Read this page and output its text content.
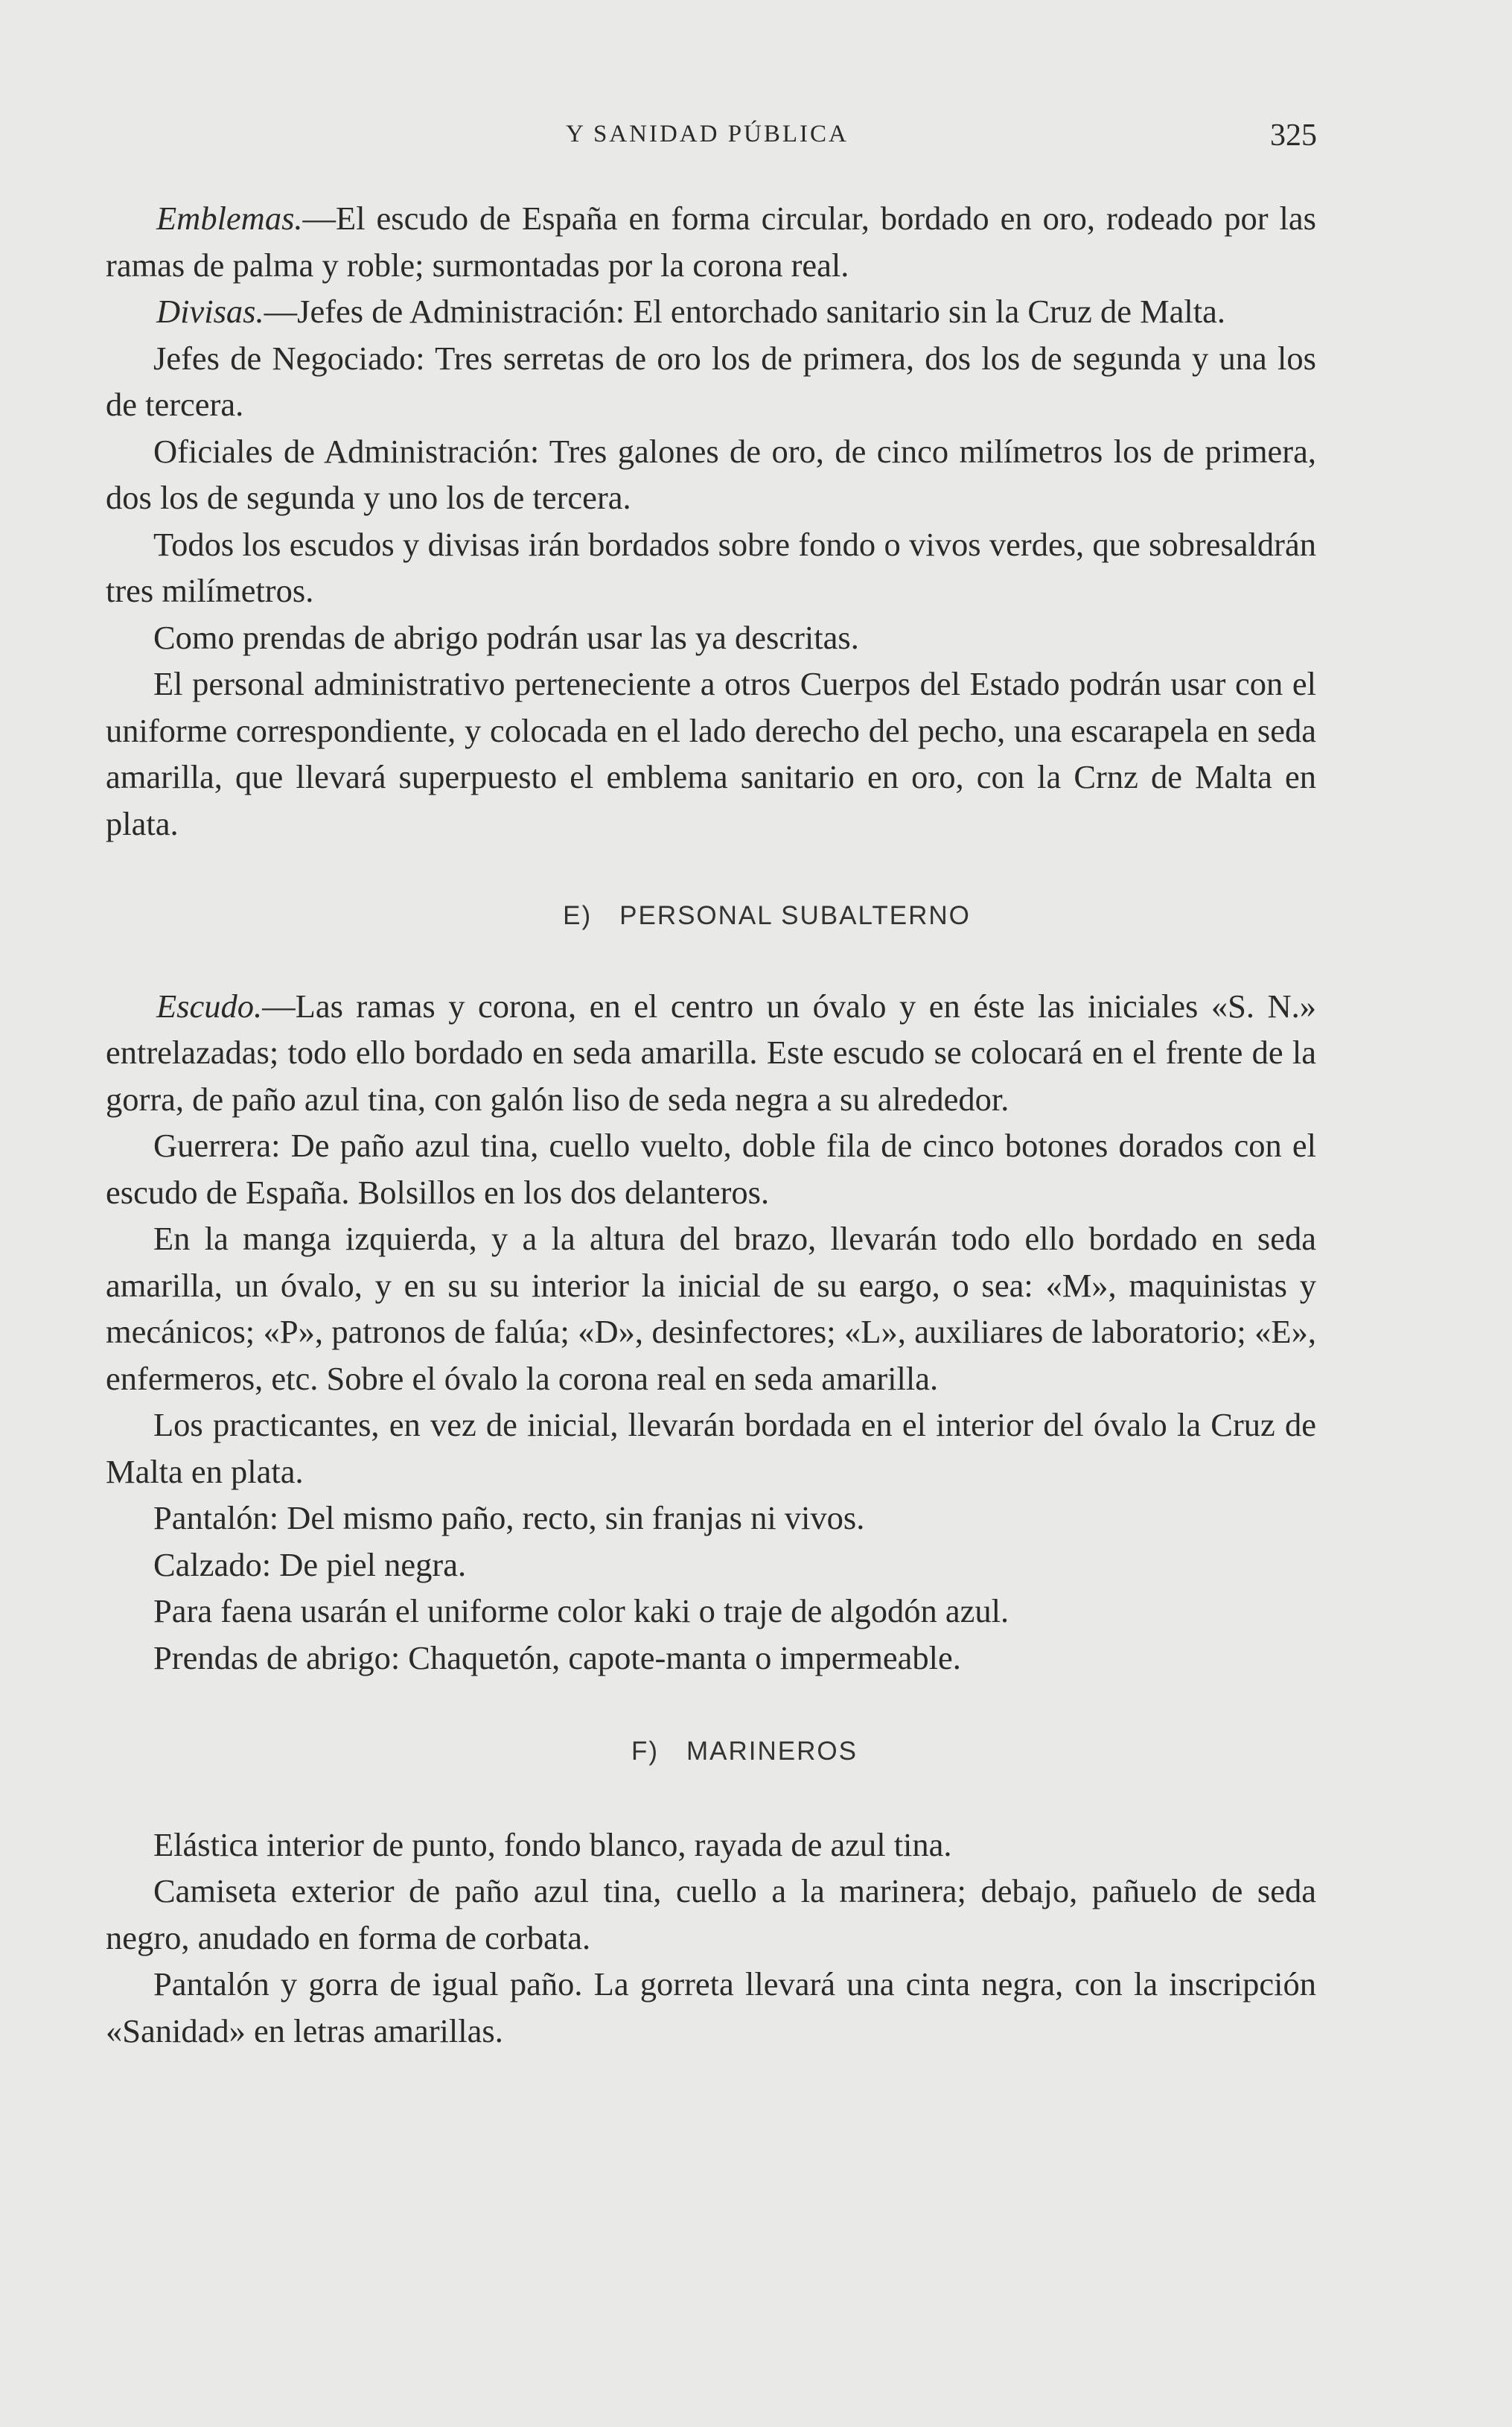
Y SANIDAD PÚBLICA	325

Emblemas.—El escudo de España en forma circular, bordado en oro, rodeado por las ramas de palma y roble; surmontadas por la corona real.

Divisas.—Jefes de Administración: El entorchado sanitario sin la Cruz de Malta.

Jefes de Negociado: Tres serretas de oro los de primera, dos los de segunda y una los de tercera.

Oficiales de Administración: Tres galones de oro, de cinco milímetros los de primera, dos los de segunda y uno los de tercera.

Todos los escudos y divisas irán bordados sobre fondo o vivos verdes, que sobresaldrán tres milímetros.

Como prendas de abrigo podrán usar las ya descritas.

El personal administrativo perteneciente a otros Cuerpos del Estado podrán usar con el uniforme correspondiente, y colocada en el lado derecho del pecho, una escarapela en seda amarilla, que llevará superpuesto el emblema sanitario en oro, con la Crnz de Malta en plata.

E)  PERSONAL SUBALTERNO

Escudo.—Las ramas y corona, en el centro un óvalo y en éste las iniciales «S. N.» entrelazadas; todo ello bordado en seda amarilla. Este escudo se colocará en el frente de la gorra, de paño azul tina, con galón liso de seda negra a su alrededor.

Guerrera: De paño azul tina, cuello vuelto, doble fila de cinco botones dorados con el escudo de España. Bolsillos en los dos delanteros.

En la manga izquierda, y a la altura del brazo, llevarán todo ello bordado en seda amarilla, un óvalo, y en su su interior la inicial de su eargo, o sea: «M», maquinistas y mecánicos; «P», patronos de falúa; «D», desinfectores; «L», auxiliares de laboratorio; «E», enfermeros, etc. Sobre el óvalo la corona real en seda amarilla.

Los practicantes, en vez de inicial, llevarán bordada en el interior del óvalo la Cruz de Malta en plata.

Pantalón: Del mismo paño, recto, sin franjas ni vivos.

Calzado: De piel negra.

Para faena usarán el uniforme color kaki o traje de algodón azul.

Prendas de abrigo: Chaquetón, capote-manta o impermeable.

F)  MARINEROS

Elástica interior de punto, fondo blanco, rayada de azul tina.

Camiseta exterior de paño azul tina, cuello a la marinera; debajo, pañuelo de seda negro, anudado en forma de corbata.

Pantalón y gorra de igual paño. La gorreta llevará una cinta negra, con la inscripción «Sanidad» en letras amarillas.
